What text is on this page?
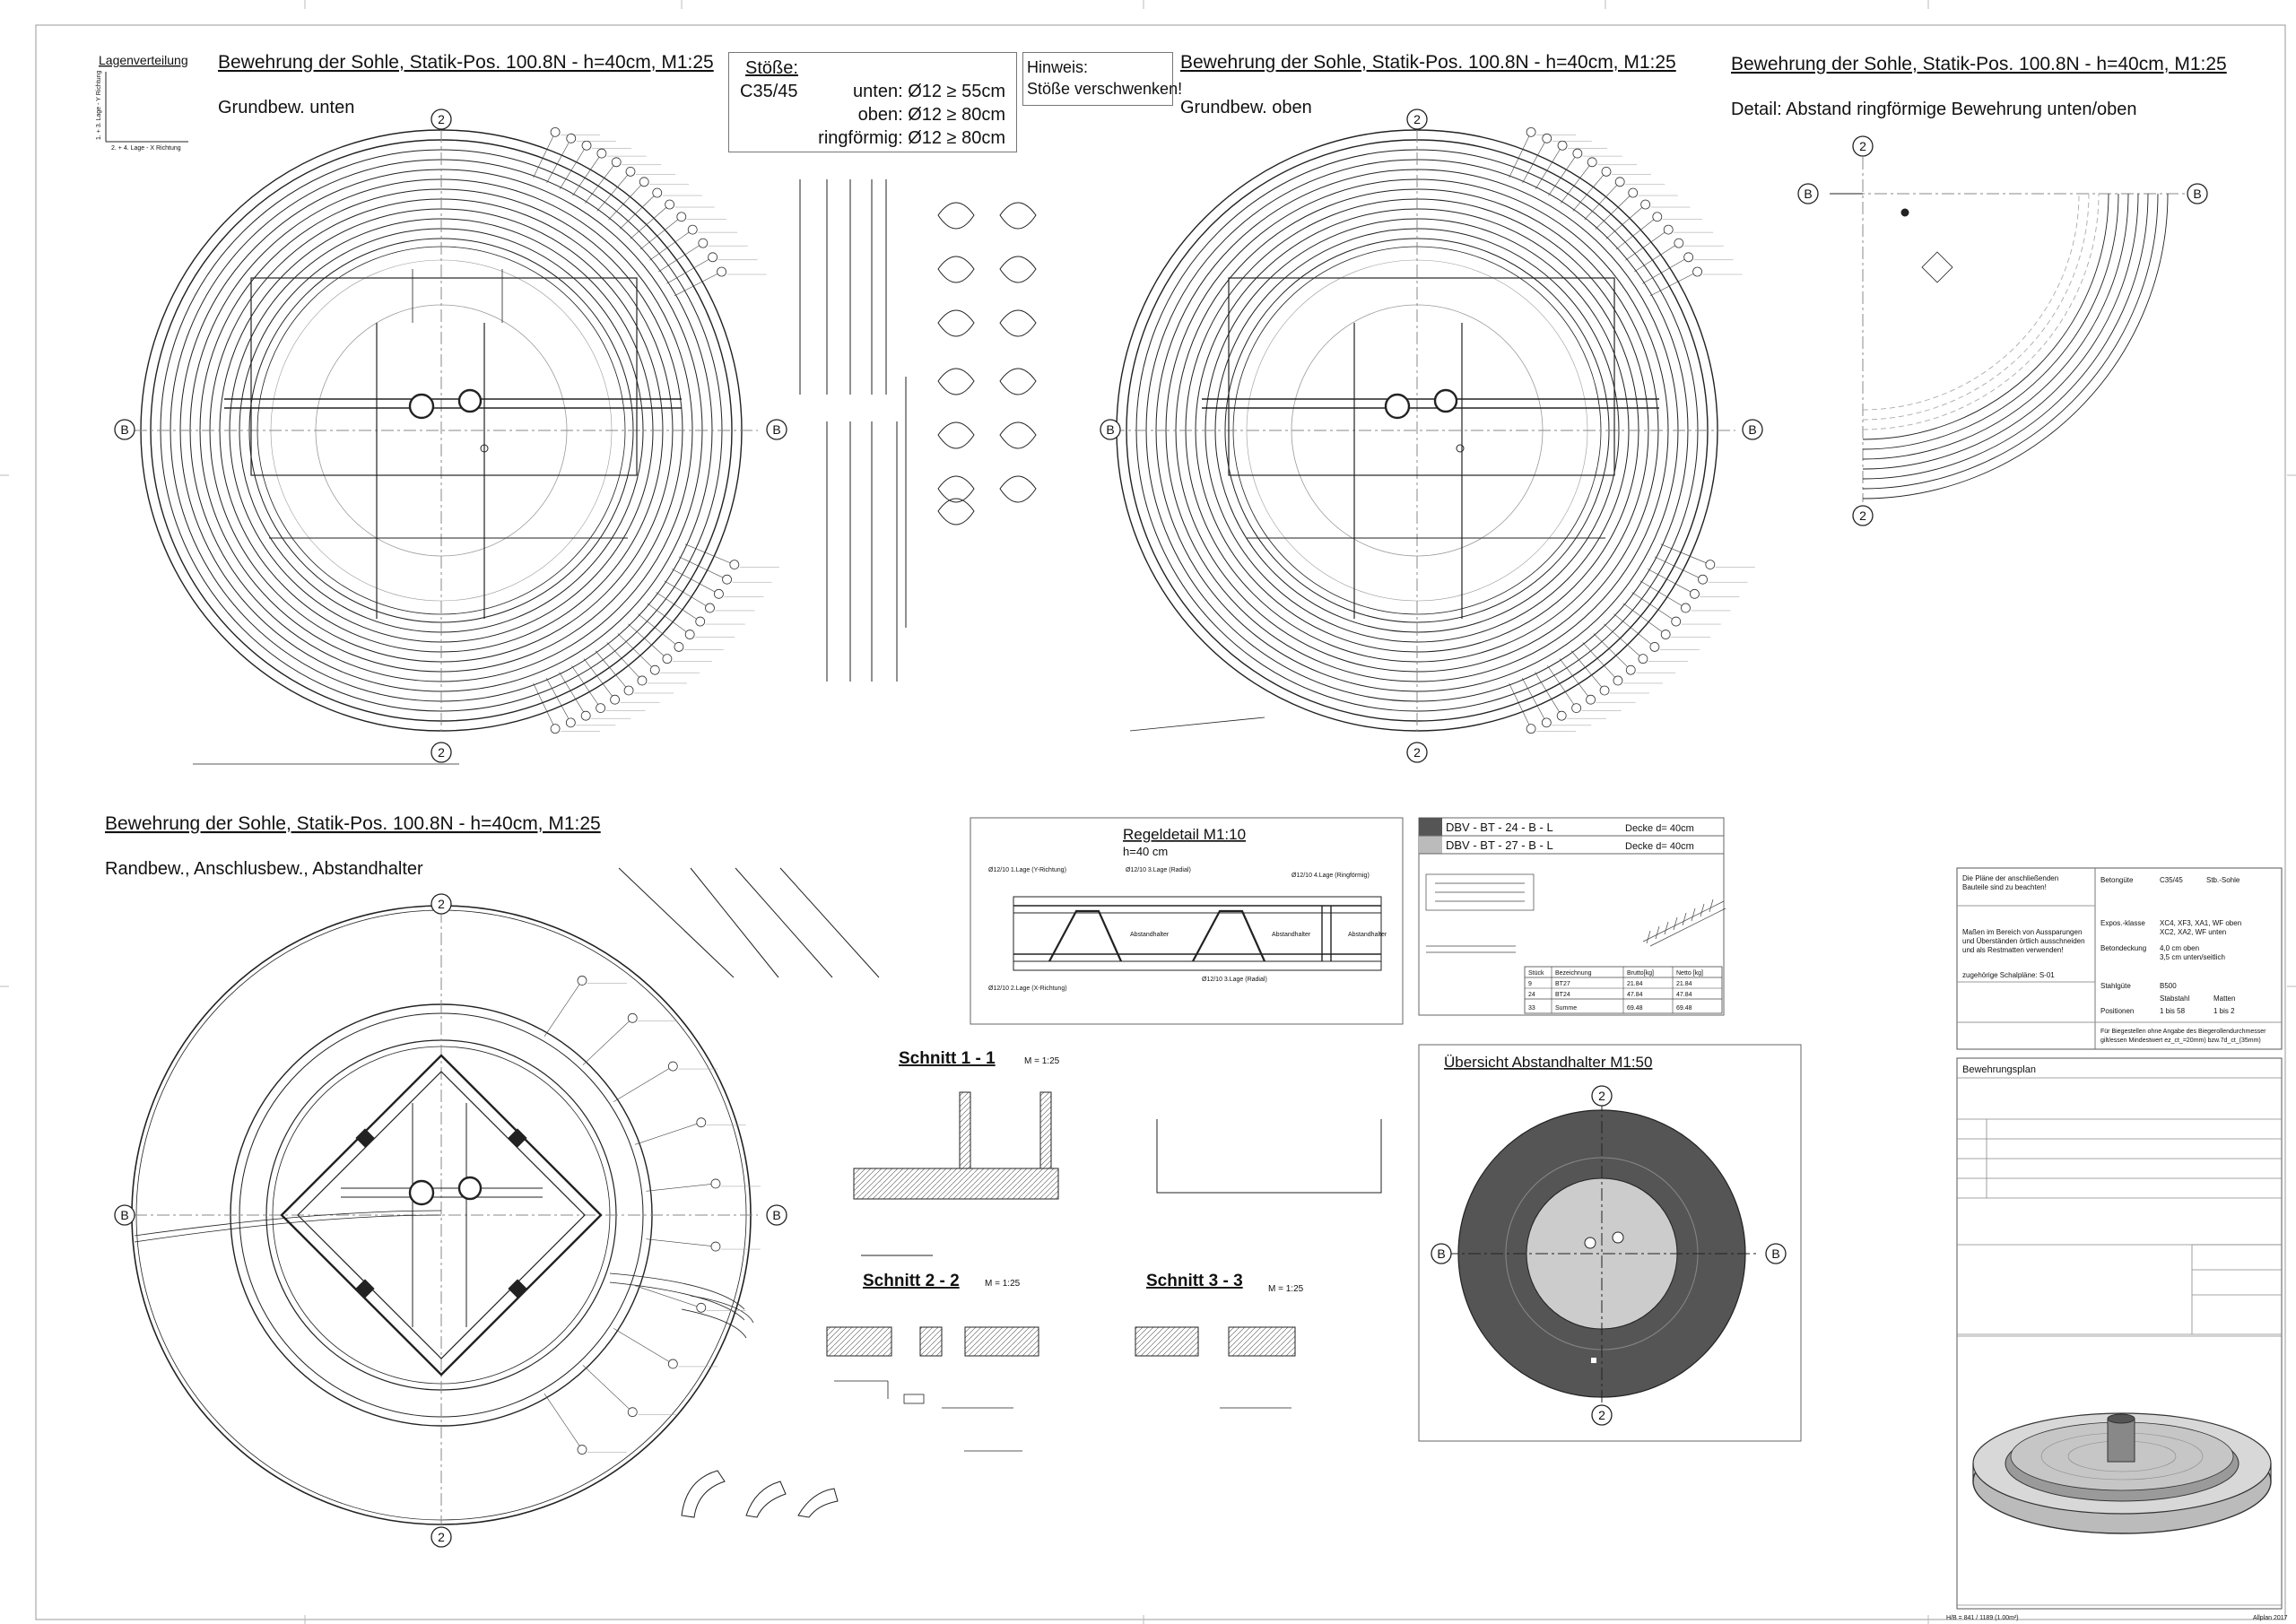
Lagenverteilung
1. + 3. Lage - Y Richtung
2. + 4. Lage - X Richtung
Bewehrung der Sohle, Statik-Pos. 100.8N - h=40cm, M1:25
Grundbew. unten
Bewehrung der Sohle, Statik-Pos. 100.8N - h=40cm, M1:25
Grundbew. oben
Bewehrung der Sohle, Statik-Pos. 100.8N - h=40cm, M1:25
Detail: Abstand ringförmige Bewehrung unten/oben
Bewehrung der Sohle, Statik-Pos. 100.8N - h=40cm, M1:25
Randbew., Anschlusbew., Abstandhalter
2
2
B	B
2
2
B	B
2
2
B	B
2
2
B	B
Regeldetail M1:10
h=40 cm
Ø12/10 1.Lage (Y-Richtung)
Ø12/10 2.Lage (X-Richtung)
Ø12/10 3.Lage (Radial)
Ø12/10 3.Lage (Radial)
Ø12/10 4.Lage (Ringförmig)
Abstandhalter	Abstandhalter	Abstandhalter
DBV - BT - 24 - B - L	Decke d= 40cm
DBV - BT - 27 - B - L	Decke d= 40cm
Stück Bezeichnung	Brutto[kg]	Netto [kg]
9	BT27	21.84	21.84
24	BT24	47.84	47.84
33	Summe	69.48	69.48
Schnitt 1 - 1	M = 1:25
Schnitt 2 - 2	M = 1:25	Schnitt 3 - 3	M = 1:25
Übersicht Abstandhalter M1:50
2
2
B	B
Die Pläne der anschließenden
Bauteile sind zu beachten!
Maßen im Bereich von Aussparungen
und Überständen örtlich ausschneiden
und als Restmatten verwenden!
zugehörige Schalpläne: S-01
Betongüte	C35/45	Stb.-Sohle
Expos.-klasse XC4, XF3, XA1, WF oben
XC2, XA2, WF unten
Betondeckung 4,0 cm oben
3,5 cm unten/seitlich
Stahlgüte	B500
Stabstahl	Matten
Positionen	1 bis 58	1 bis 2
Für Biegestellen ohne Angabe des Biegerollendurchmesser
gilt/essen Mindestwert ez_ct_=20mm) bzw.7d_ct_(35mm)
Bewehrungsplan
H/B = 841 / 1189 (1.00m²)	Allplan 2017
Stöße:
C35/45	unten: Ø12 ≥ 55cm
oben: Ø12 ≥ 80cm
ringförmig: Ø12 ≥ 80cm
Hinweis:
Stöße verschwenken!
